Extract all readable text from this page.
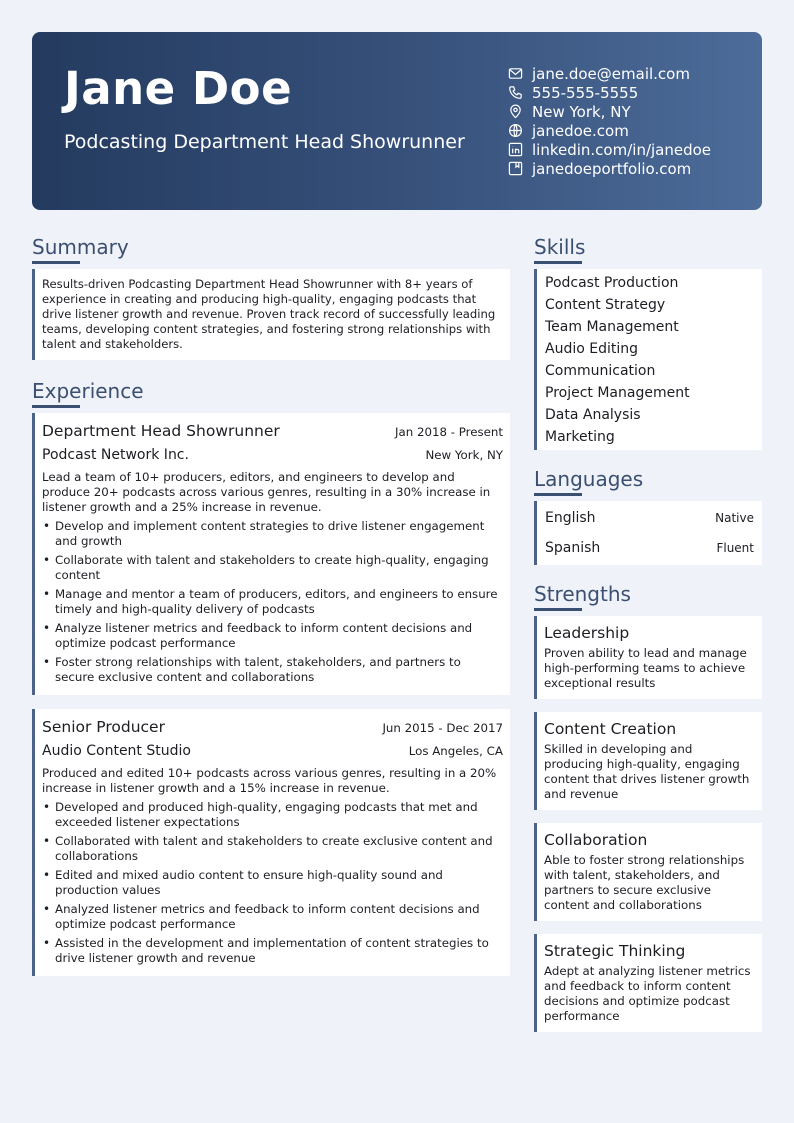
Jane Doe
Podcasting Department Head Showrunner
jane.doe@email.com
555-555-5555
New York, NY
janedoe.com
linkedin.com/in/janedoe
janedoeportfolio.com
Summary
Results-driven Podcasting Department Head Showrunner with 8+ years of experience in creating and producing high-quality, engaging podcasts that drive listener growth and revenue. Proven track record of successfully leading teams, developing content strategies, and fostering strong relationships with talent and stakeholders.
Experience
Department Head Showrunner	Jan 2018 - Present
Podcast Network Inc.	New York, NY
Lead a team of 10+ producers, editors, and engineers to develop and produce 20+ podcasts across various genres, resulting in a 30% increase in listener growth and a 25% increase in revenue.
• Develop and implement content strategies to drive listener engagement and growth
• Collaborate with talent and stakeholders to create high-quality, engaging content
• Manage and mentor a team of producers, editors, and engineers to ensure timely and high-quality delivery of podcasts
• Analyze listener metrics and feedback to inform content decisions and optimize podcast performance
• Foster strong relationships with talent, stakeholders, and partners to secure exclusive content and collaborations
Senior Producer	Jun 2015 - Dec 2017
Audio Content Studio	Los Angeles, CA
Produced and edited 10+ podcasts across various genres, resulting in a 20% increase in listener growth and a 15% increase in revenue.
• Developed and produced high-quality, engaging podcasts that met and exceeded listener expectations
• Collaborated with talent and stakeholders to create exclusive content and collaborations
• Edited and mixed audio content to ensure high-quality sound and production values
• Analyzed listener metrics and feedback to inform content decisions and optimize podcast performance
• Assisted in the development and implementation of content strategies to drive listener growth and revenue
Skills
Podcast Production
Content Strategy
Team Management
Audio Editing
Communication
Project Management
Data Analysis
Marketing
Languages
English	Native
Spanish	Fluent
Strengths
Leadership
Proven ability to lead and manage high-performing teams to achieve exceptional results
Content Creation
Skilled in developing and producing high-quality, engaging content that drives listener growth and revenue
Collaboration
Able to foster strong relationships with talent, stakeholders, and partners to secure exclusive content and collaborations
Strategic Thinking
Adept at analyzing listener metrics and feedback to inform content decisions and optimize podcast performance
